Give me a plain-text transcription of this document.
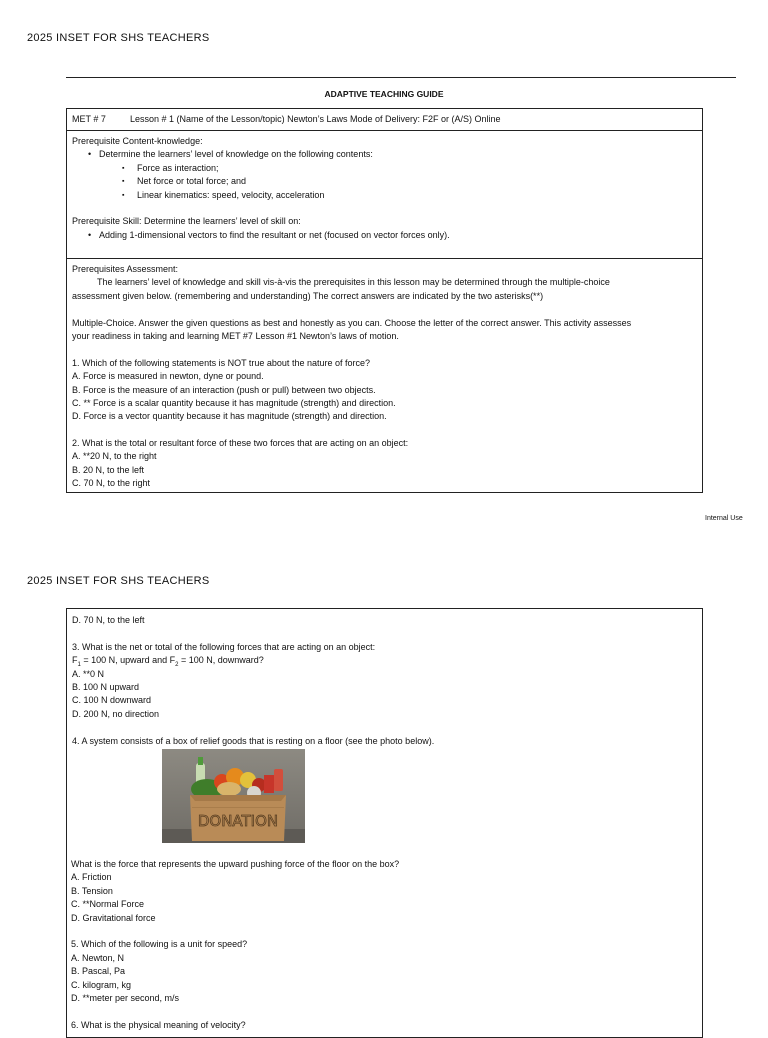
2025 INSET FOR SHS TEACHERS
ADAPTIVE TEACHING GUIDE
MET # 7	Lesson # 1 (Name of the Lesson/topic) Newton’s Laws Mode of Delivery: F2F or (A/S) Online
Prerequisite Content-knowledge:
• Determine the learners’ level of knowledge on the following contents:
▪ Force as interaction;
▪ Net force or total force; and
▪ Linear kinematics: speed, velocity, acceleration
Prerequisite Skill: Determine the learners’ level of skill on:
• Adding 1-dimensional vectors to find the resultant or net (focused on vector forces only).
Prerequisites Assessment:
The learners’ level of knowledge and skill vis-à-vis the prerequisites in this lesson may be determined through the multiple-choice
assessment given below. (remembering and understanding) The correct answers are indicated by the two asterisks(**)
Multiple-Choice. Answer the given questions as best and honestly as you can. Choose the letter of the correct answer. This activity assesses
your readiness in taking and learning MET #7 Lesson #1 Newton’s laws of motion.
1. Which of the following statements is NOT true about the nature of force?
A. Force is measured in newton, dyne or pound.
B. Force is the measure of an interaction (push or pull) between two objects.
C. ** Force is a scalar quantity because it has magnitude (strength) and direction.
D. Force is a vector quantity because it has magnitude (strength) and direction.
2. What is the total or resultant force of these two forces that are acting on an object:
A. **20 N, to the right
B. 20 N, to the left
C. 70 N, to the right
Internal Use
2025 INSET FOR SHS TEACHERS
D. 70 N, to the left
3. What is the net or total of the following forces that are acting on an object:
$F_1 = 100$ N, upward and $F_2 = 100$ N, downward?
A. **0 N
B. 100 N upward
C. 100 N downward
D. 200 N, no direction
4. A system consists of a box of relief goods that is resting on a floor (see the photo below).
DONATION
What is the force that represents the upward pushing force of the floor on the box?
A. Friction
B. Tension
C. **Normal Force
D. Gravitational force
5. Which of the following is a unit for speed?
A. Newton, N
B. Pascal, Pa
C. kilogram, kg
D. **meter per second, m/s
6. What is the physical meaning of velocity?
